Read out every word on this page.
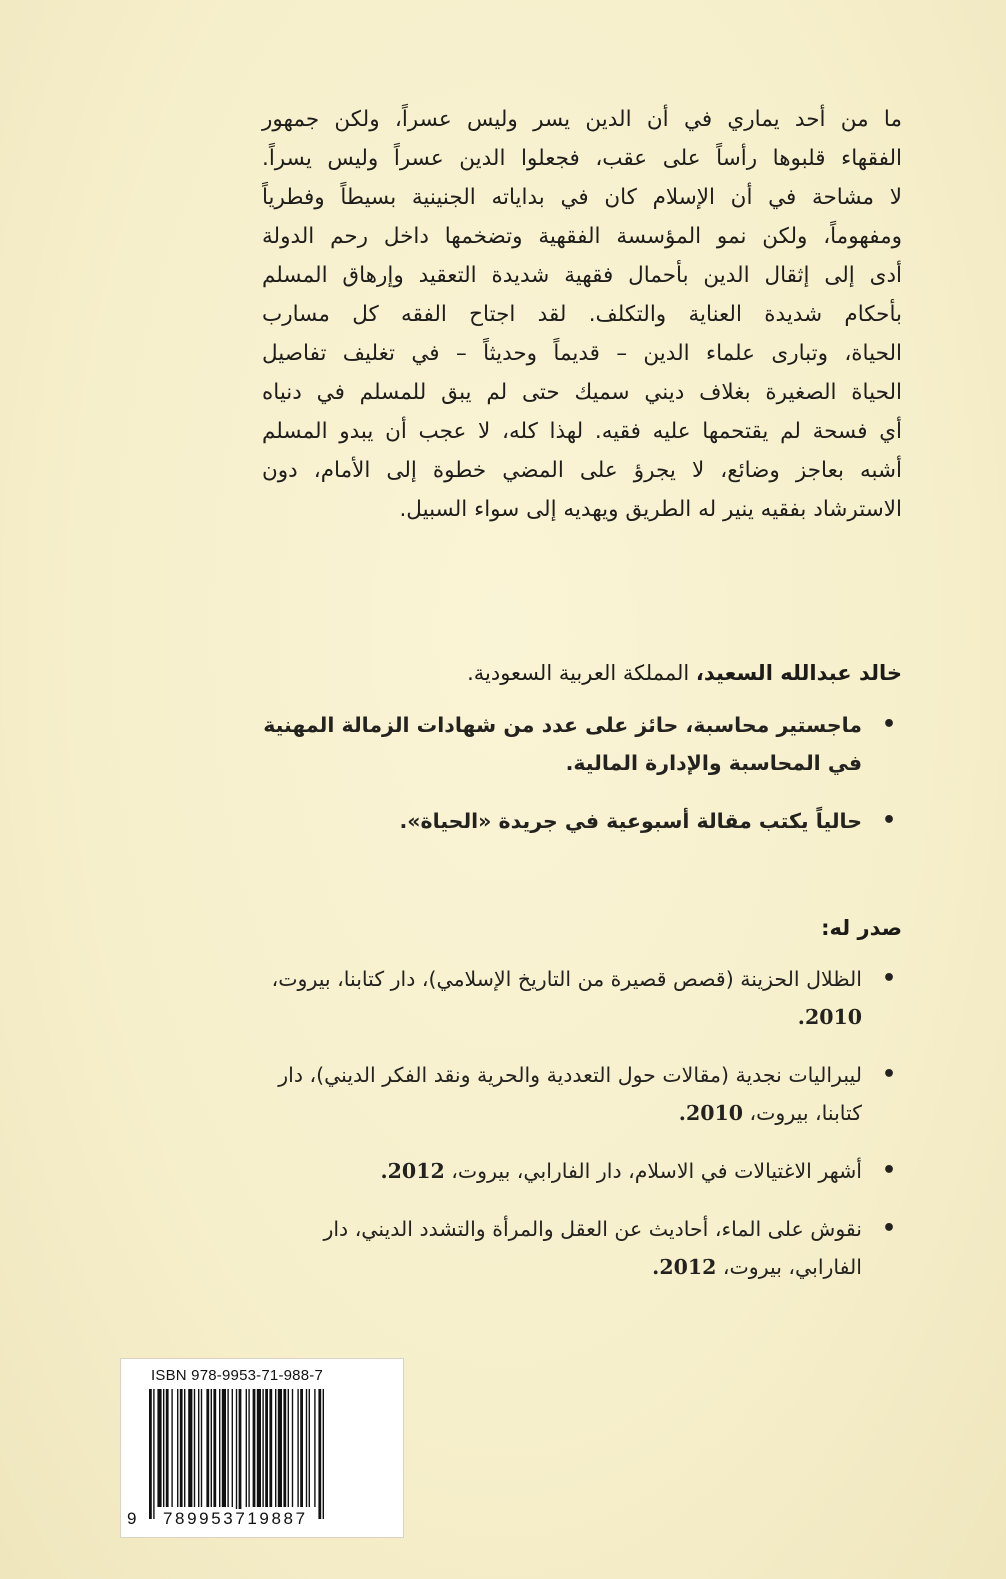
ما من أحد يماري في أن الدين يسر وليس عسراً، ولكن جمهور
الفقهاء قلبوها رأساً على عقب، فجعلوا الدين عسراً وليس يسراً.
لا مشاحة في أن الإسلام كان في بداياته الجنينية بسيطاً وفطرياً
ومفهوماً، ولكن نمو المؤسسة الفقهية وتضخمها داخل رحم الدولة
أدى إلى إثقال الدين بأحمال فقهية شديدة التعقيد وإرهاق المسلم
بأحكام شديدة العناية والتكلف. لقد اجتاح الفقه كل مسارب
الحياة، وتبارى علماء الدين – قديماً وحديثاً – في تغليف تفاصيل
الحياة الصغيرة بغلاف ديني سميك حتى لم يبق للمسلم في دنياه
أي فسحة لم يقتحمها عليه فقيه. لهذا كله، لا عجب أن يبدو المسلم
أشبه بعاجز وضائع، لا يجرؤ على المضي خطوة إلى الأمام، دون
الاسترشاد بفقيه ينير له الطريق ويهديه إلى سواء السبيل.
خالد عبدالله السعيد، المملكة العربية السعودية.
•
ماجستير محاسبة، حائز على عدد من شهادات الزمالة المهنية في المحاسبة والإدارة المالية.
•
حالياً يكتب مقالة أسبوعية في جريدة «الحياة».
صدر له:
•
الظلال الحزينة (قصص قصيرة من التاريخ الإسلامي)، دار كتابنا، بيروت، 2010.
•
ليبراليات نجدية (مقالات حول التعددية والحرية ونقد الفكر الديني)، دار كتابنا، بيروت، 2010.
•
أشهر الاغتيالات في الاسلام، دار الفارابي، بيروت، 2012.
•
نقوش على الماء، أحاديث عن العقل والمرأة والتشدد الديني، دار الفارابي، بيروت، 2012.
ISBN 978-9953-71-988-7
9 789953719887
